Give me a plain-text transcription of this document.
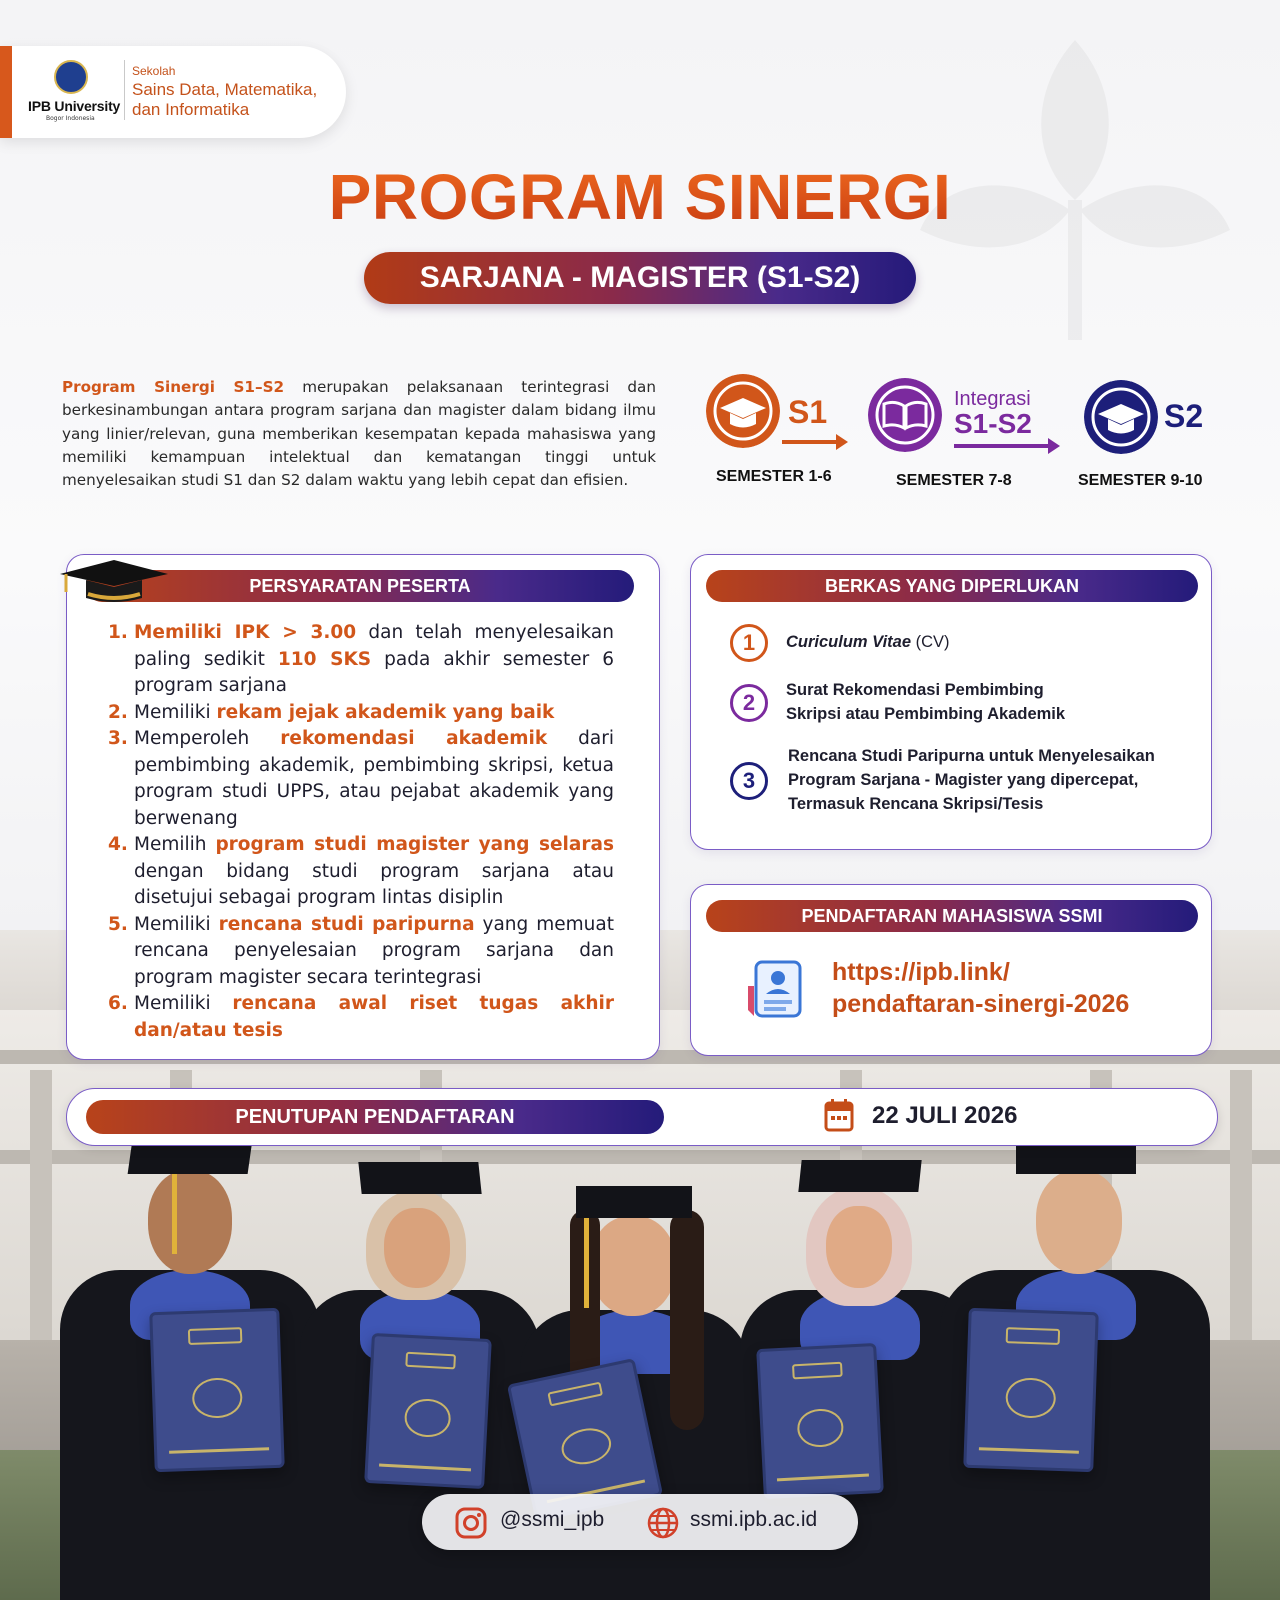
IPB University
Bogor Indonesia
Sekolah
Sains Data, Matematika,
dan Informatika
PROGRAM SINERGI
SARJANA - MAGISTER (S1-S2)

Program Sinergi S1–S2 merupakan pelaksanaan terintegrasi dan berkesinambungan antara program sarjana dan magister dalam bidang ilmu yang linier/relevan, guna memberikan kesempatan kepada mahasiswa yang memiliki kemampuan intelektual dan kematangan tinggi untuk menyelesaikan studi S1 dan S2 dalam waktu yang lebih cepat dan efisien.

S1
SEMESTER 1-6
Integrasi
S1-S2
SEMESTER 7-8
S2
SEMESTER 9-10
PERSYARATAN PESERTA
1. Memiliki IPK > 3.00 dan telah menyelesaikan paling sedikit 110 SKS pada akhir semester 6 program sarjana
2. Memiliki rekam jejak akademik yang baik
3. Memperoleh rekomendasi akademik dari pembimbing akademik, pembimbing skripsi, ketua program studi UPPS, atau pejabat akademik yang berwenang
4. Memilih program studi magister yang selaras dengan bidang studi program sarjana atau disetujui sebagai program lintas disiplin
5. Memiliki rencana studi paripurna yang memuat rencana penyelesaian program sarjana dan program magister secara terintegrasi
6. Memiliki rencana awal riset tugas akhir dan/atau tesis
BERKAS YANG DIPERLUKAN
1	Curiculum Vitae (CV)
2	Surat Rekomendasi Pembimbing
Skripsi atau Pembimbing Akademik
3
Rencana Studi Paripurna untuk Menyelesaikan
Program Sarjana - Magister yang dipercepat,
Termasuk Rencana Skripsi/Tesis
PENDAFTARAN MAHASISWA SSMI
https://ipb.link/
pendaftaran-sinergi-2026
PENUTUPAN PENDAFTARAN	22 JULI 2026
@ssmi_ipb	ssmi.ipb.ac.id
